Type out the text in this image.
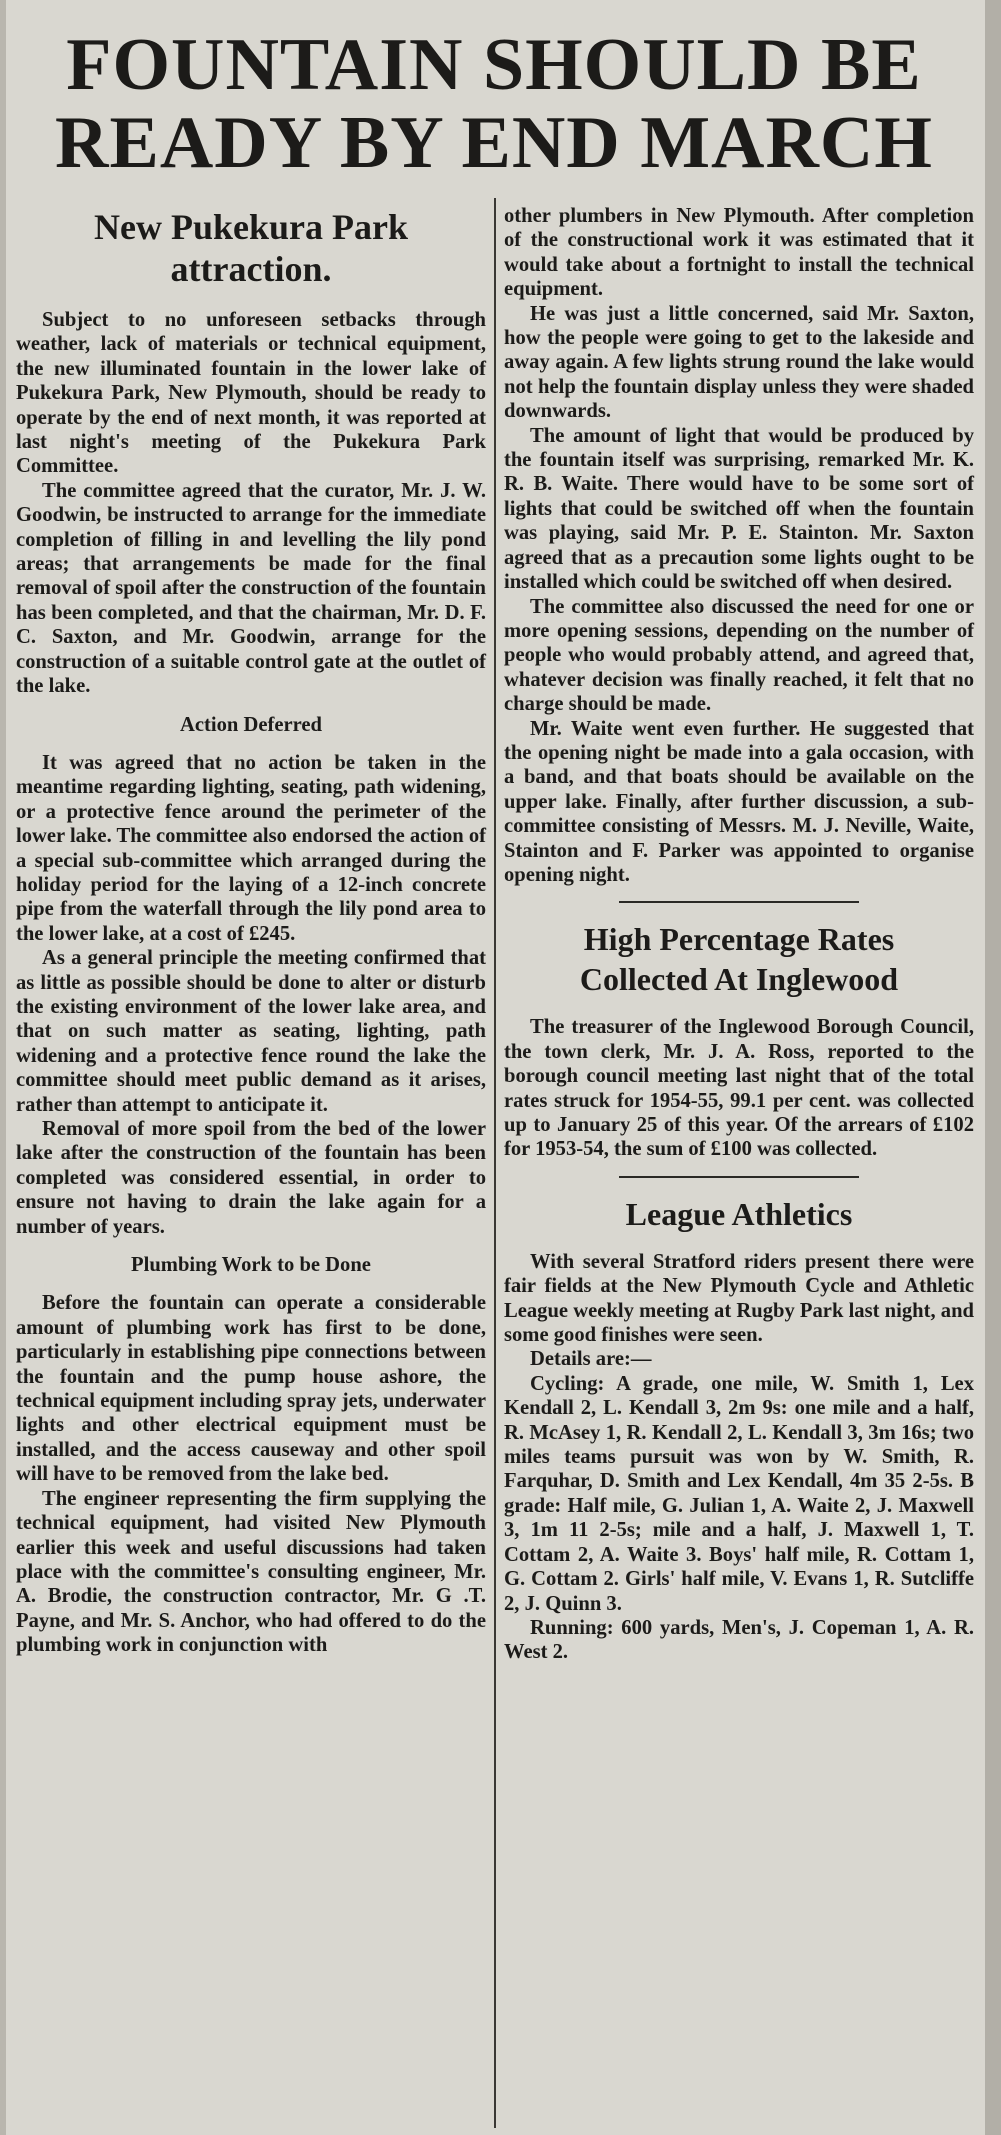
FOUNTAIN SHOULD BE
READY BY END MARCH
New Pukekura Park
attraction.

Subject to no unforeseen setbacks through weather, lack of materials or technical equipment, the new illuminated fountain in the lower lake of Pukekura Park, New Plymouth, should be ready to operate by the end of next month, it was reported at last night's meeting of the Pukekura Park Committee.

The committee agreed that the curator, Mr. J. W. Goodwin, be instructed to arrange for the immediate completion of filling in and levelling the lily pond areas; that arrangements be made for the final removal of spoil after the construction of the fountain has been completed, and that the chairman, Mr. D. F. C. Saxton, and Mr. Goodwin, arrange for the construction of a suitable control gate at the outlet of the lake.

Action Deferred

It was agreed that no action be taken in the meantime regarding lighting, seating, path widening, or a protective fence around the perimeter of the lower lake. The committee also endorsed the action of a special sub-committee which arranged during the holiday period for the laying of a 12-inch concrete pipe from the waterfall through the lily pond area to the lower lake, at a cost of £245.

As a general principle the meeting confirmed that as little as possible should be done to alter or disturb the existing environment of the lower lake area, and that on such matter as seating, lighting, path widening and a protective fence round the lake the committee should meet public demand as it arises, rather than attempt to anticipate it.

Removal of more spoil from the bed of the lower lake after the construction of the fountain has been completed was considered essential, in order to ensure not having to drain the lake again for a number of years.

Plumbing Work to be Done

Before the fountain can operate a considerable amount of plumbing work has first to be done, particularly in establishing pipe connections between the fountain and the pump house ashore, the technical equipment including spray jets, underwater lights and other electrical equipment must be installed, and the access causeway and other spoil will have to be removed from the lake bed.

The engineer representing the firm supplying the technical equipment, had visited New Plymouth earlier this week and useful discussions had taken place with the committee's consulting engineer, Mr. A. Brodie, the construction contractor, Mr. G .T. Payne, and Mr. S. Anchor, who had offered to do the plumbing work in conjunction with

other plumbers in New Plymouth. After completion of the constructional work it was estimated that it would take about a fortnight to install the technical equipment.

He was just a little concerned, said Mr. Saxton, how the people were going to get to the lakeside and away again. A few lights strung round the lake would not help the fountain display unless they were shaded downwards.

The amount of light that would be produced by the fountain itself was surprising, remarked Mr. K. R. B. Waite. There would have to be some sort of lights that could be switched off when the fountain was playing, said Mr. P. E. Stainton. Mr. Saxton agreed that as a precaution some lights ought to be installed which could be switched off when desired.

The committee also discussed the need for one or more opening sessions, depending on the number of people who would probably attend, and agreed that, whatever decision was finally reached, it felt that no charge should be made.

Mr. Waite went even further. He suggested that the opening night be made into a gala occasion, with a band, and that boats should be available on the upper lake. Finally, after further discussion, a sub-committee consisting of Messrs. M. J. Neville, Waite, Stainton and F. Parker was appointed to organise opening night.

High Percentage Rates
Collected At Inglewood

The treasurer of the Inglewood Borough Council, the town clerk, Mr. J. A. Ross, reported to the borough council meeting last night that of the total rates struck for 1954-55, 99.1 per cent. was collected up to January 25 of this year. Of the arrears of £102 for 1953-54, the sum of £100 was collected.

League Athletics

With several Stratford riders present there were fair fields at the New Plymouth Cycle and Athletic League weekly meeting at Rugby Park last night, and some good finishes were seen.

Details are:—

Cycling: A grade, one mile, W. Smith 1, Lex Kendall 2, L. Kendall 3, 2m 9s: one mile and a half, R. McAsey 1, R. Kendall 2, L. Kendall 3, 3m 16s; two miles teams pursuit was won by W. Smith, R. Farquhar, D. Smith and Lex Kendall, 4m 35 2-5s. B grade: Half mile, G. Julian 1, A. Waite 2, J. Maxwell 3, 1m 11 2-5s; mile and a half, J. Maxwell 1, T. Cottam 2, A. Waite 3. Boys' half mile, R. Cottam 1, G. Cottam 2. Girls' half mile, V. Evans 1, R. Sutcliffe 2, J. Quinn 3.

Running: 600 yards, Men's, J. Copeman 1, A. R. West 2.
